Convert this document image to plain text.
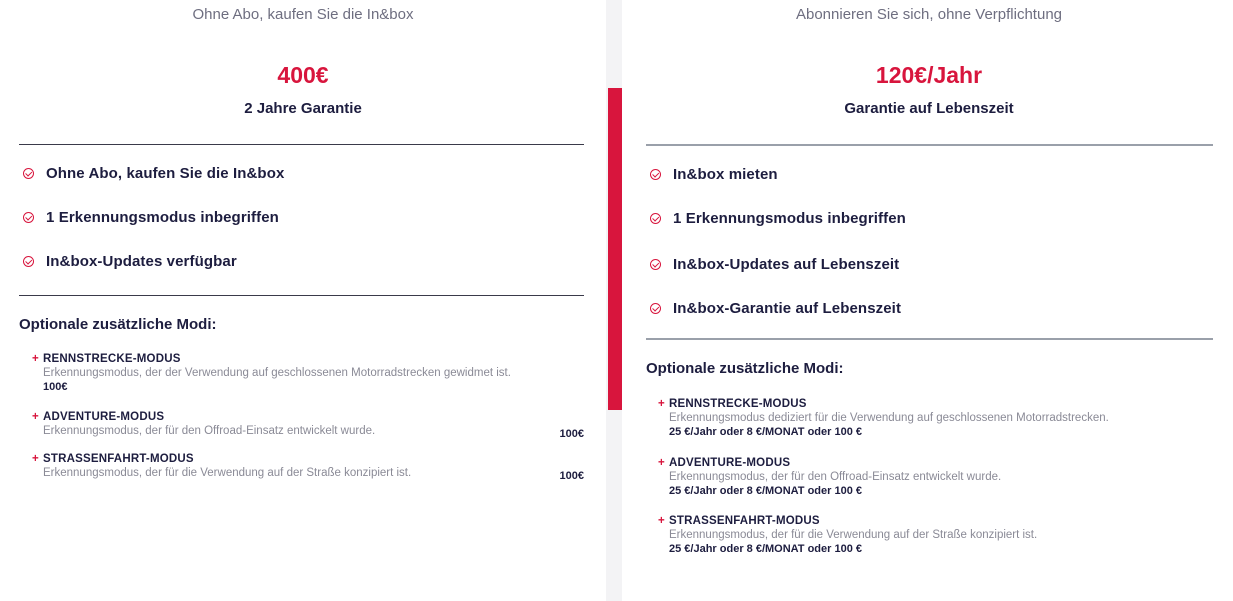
Ohne Abo, kaufen Sie die In&box
400€
2 Jahre Garantie
Ohne Abo, kaufen Sie die In&box
1 Erkennungsmodus inbegriffen
In&box-Updates verfügbar
Optionale zusätzliche Modi:
+ RENNSTRECKE-MODUS
Erkennungsmodus, der der Verwendung auf geschlossenen Motorradstrecken gewidmet ist.
100€
+ ADVENTURE-MODUS
Erkennungsmodus, der für den Offroad-Einsatz entwickelt wurde.	100€
+ STRASSENFAHRT-MODUS
Erkennungsmodus, der für die Verwendung auf der Straße konzipiert ist.	100€
Abonnieren Sie sich, ohne Verpflichtung
120€/Jahr
Garantie auf Lebenszeit
In&box mieten
1 Erkennungsmodus inbegriffen
In&box-Updates auf Lebenszeit
In&box-Garantie auf Lebenszeit
Optionale zusätzliche Modi:
+ RENNSTRECKE-MODUS
Erkennungsmodus dediziert für die Verwendung auf geschlossenen Motorradstrecken.
25 €/Jahr oder 8 €/MONAT oder 100 €
+ ADVENTURE-MODUS
Erkennungsmodus, der für den Offroad-Einsatz entwickelt wurde.
25 €/Jahr oder 8 €/MONAT oder 100 €
+ STRASSENFAHRT-MODUS
Erkennungsmodus, der für die Verwendung auf der Straße konzipiert ist.
25 €/Jahr oder 8 €/MONAT oder 100 €
